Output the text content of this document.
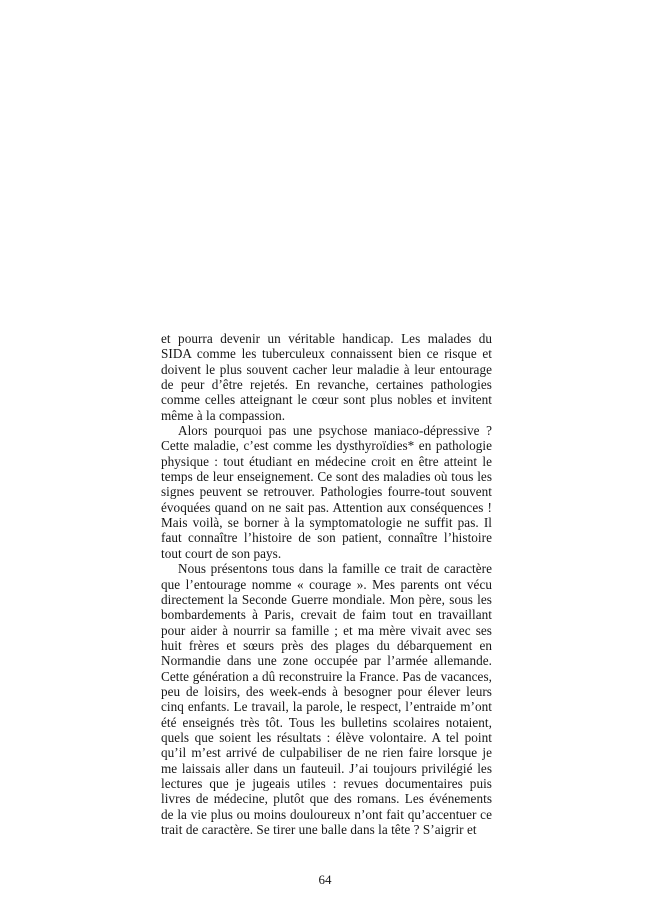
et pourra devenir un véritable handicap. Les malades du SIDA comme les tuberculeux connaissent bien ce risque et doivent le plus souvent cacher leur maladie à leur entourage de peur d’être rejetés. En revanche, certaines pathologies comme celles atteignant le cœur sont plus nobles et invitent même à la compassion.

Alors pourquoi pas une psychose maniaco-dépressive ? Cette maladie, c’est comme les dysthyroïdies* en pathologie physique : tout étudiant en médecine croit en être atteint le temps de leur enseignement. Ce sont des maladies où tous les signes peuvent se retrouver. Pathologies fourre-tout souvent évoquées quand on ne sait pas. Attention aux conséquences ! Mais voilà, se borner à la symptomatologie ne suffit pas. Il faut connaître l’histoire de son patient, connaître l’histoire tout court de son pays.

Nous présentons tous dans la famille ce trait de caractère que l’entourage nomme « courage ». Mes parents ont vécu directement la Seconde Guerre mondiale. Mon père, sous les bombardements à Paris, crevait de faim tout en travaillant pour aider à nourrir sa famille ; et ma mère vivait avec ses huit frères et sœurs près des plages du débarquement en Normandie dans une zone occupée par l’armée allemande. Cette génération a dû reconstruire la France. Pas de vacances, peu de loisirs, des week-ends à besogner pour élever leurs cinq enfants. Le travail, la parole, le respect, l’entraide m’ont été enseignés très tôt. Tous les bulletins scolaires notaient, quels que soient les résultats : élève volontaire. A tel point qu’il m’est arrivé de culpabiliser de ne rien faire lorsque je me laissais aller dans un fauteuil. J’ai toujours privilégié les lectures que je jugeais utiles : revues documentaires puis livres de médecine, plutôt que des romans. Les événements de la vie plus ou moins douloureux n’ont fait qu’accentuer ce trait de caractère. Se tirer une balle dans la tête ? S’aigrir et

64
